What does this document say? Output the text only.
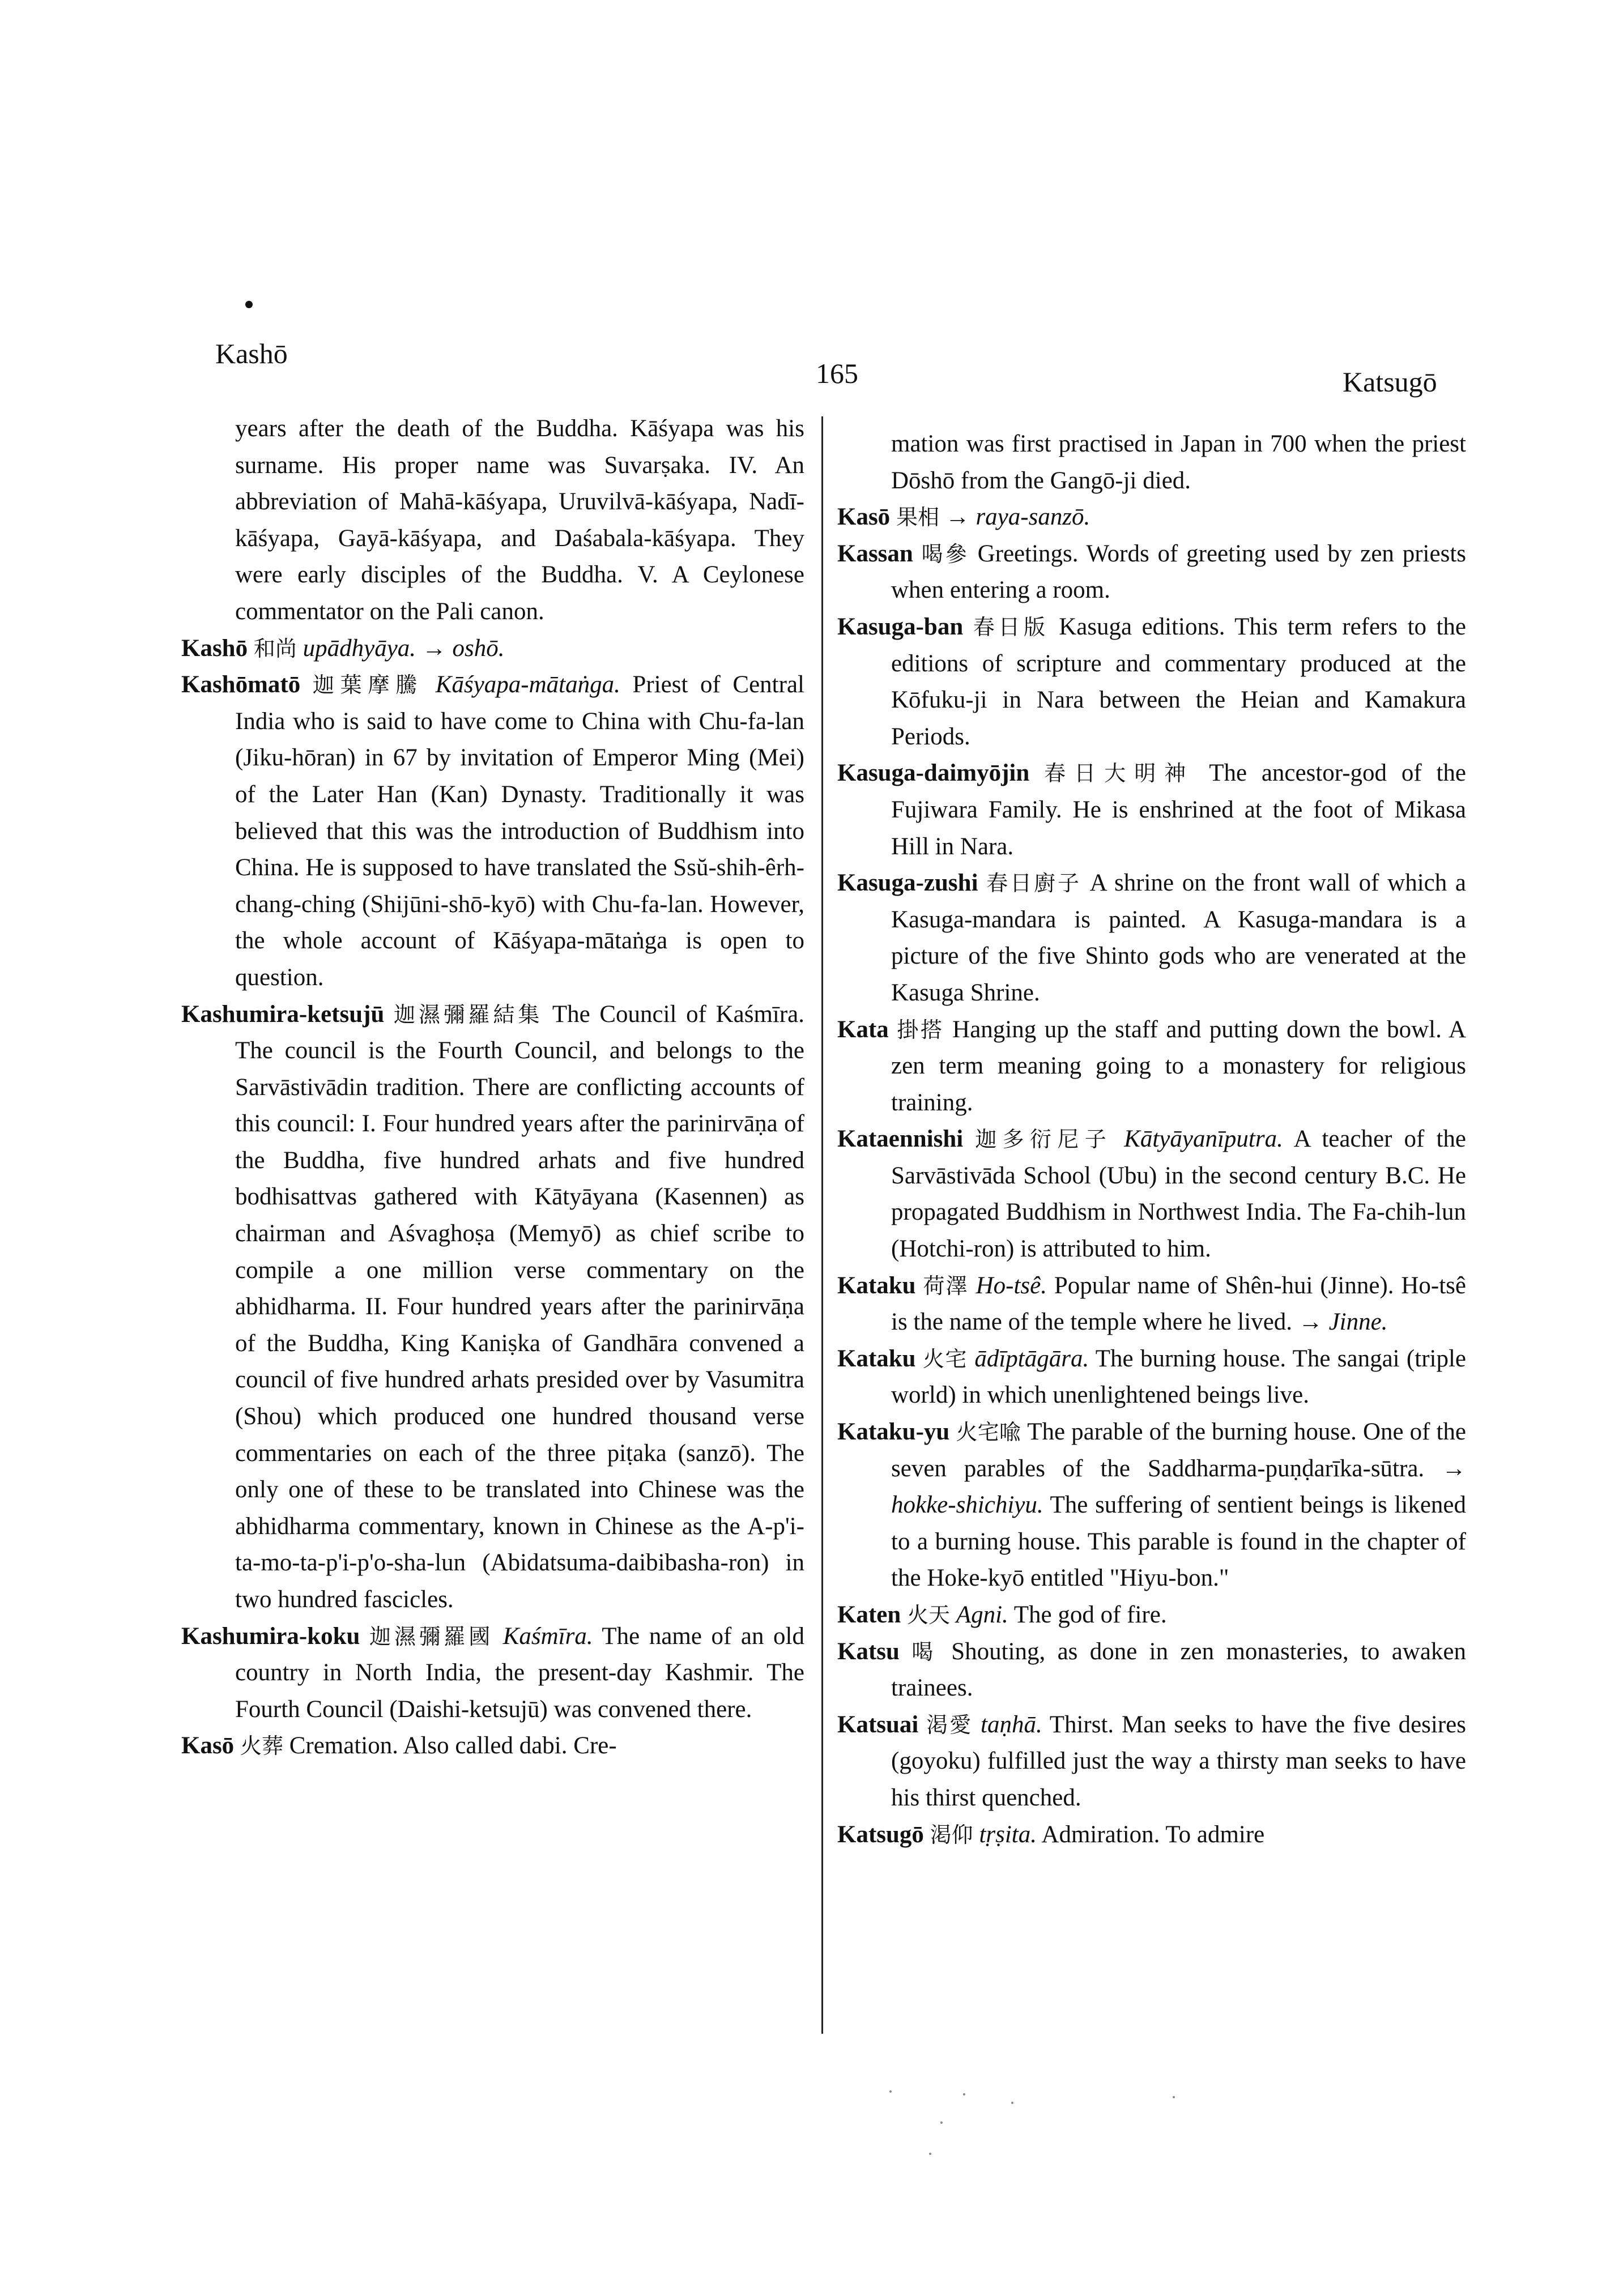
Kashō
165	Katsugō
years after the death of the Buddha. Kāśyapa was his surname. His proper name was Suvarṣaka. IV. An abbreviation of Mahā-kāśyapa, Uruvilvā-kāśyapa, Nadī-kāśyapa, Gayā-kāśyapa, and Daśabala-kāśyapa. They were early disciples of the Buddha. V. A Ceylonese commentator on the Pali canon.
Kashō 和尚 upādhyāya. → oshō.
Kashōmatō 迦葉摩騰 Kāśyapa-mātaṅga. Priest of Central India who is said to have come to China with Chu-fa-lan (Jiku-hōran) in 67 by invitation of Emperor Ming (Mei) of the Later Han (Kan) Dynasty. Traditionally it was believed that this was the introduction of Buddhism into China. He is supposed to have translated the Ssŭ-shih-êrh-chang-ching (Shijūni-shō-kyō) with Chu-fa-lan. However, the whole account of Kāśyapa-mātaṅga is open to question.
Kashumira-ketsujū 迦濕彌羅結集 The Council of Kaśmīra. The council is the Fourth Council, and belongs to the Sarvāstivādin tradition. There are conflicting accounts of this council: I. Four hundred years after the parinirvāṇa of the Buddha, five hundred arhats and five hundred bodhisattvas gathered with Kātyāyana (Kasennen) as chairman and Aśvaghoṣa (Memyō) as chief scribe to compile a one million verse commentary on the abhidharma. II. Four hundred years after the parinirvāṇa of the Buddha, King Kaniṣka of Gandhāra convened a council of five hundred arhats presided over by Vasumitra (Shou) which produced one hundred thousand verse commentaries on each of the three piṭaka (sanzō). The only one of these to be translated into Chinese was the abhidharma commentary, known in Chinese as the A-p'i-ta-mo-ta-p'i-p'o-sha-lun (Abidatsuma-daibibasha-ron) in two hundred fascicles.
Kashumira-koku 迦濕彌羅國 Kaśmīra. The name of an old country in North India, the present-day Kashmir. The Fourth Council (Daishi-ketsujū) was convened there.
Kasō 火葬 Cremation. Also called dabi. Cre-
mation was first practised in Japan in 700 when the priest Dōshō from the Gangō-ji died.
Kasō 果相 → raya-sanzō.
Kassan 喝參 Greetings. Words of greeting used by zen priests when entering a room.
Kasuga-ban 春日版 Kasuga editions. This term refers to the editions of scripture and commentary produced at the Kōfuku-ji in Nara between the Heian and Kamakura Periods.
Kasuga-daimyōjin 春日大明神 The ancestor-god of the Fujiwara Family. He is enshrined at the foot of Mikasa Hill in Nara.
Kasuga-zushi 春日廚子 A shrine on the front wall of which a Kasuga-mandara is painted. A Kasuga-mandara is a picture of the five Shinto gods who are venerated at the Kasuga Shrine.
Kata 掛搭 Hanging up the staff and putting down the bowl. A zen term meaning going to a monastery for religious training.
Kataennishi 迦多衍尼子 Kātyāyanīputra. A teacher of the Sarvāstivāda School (Ubu) in the second century B.C. He propagated Buddhism in Northwest India. The Fa-chih-lun (Hotchi-ron) is attributed to him.
Kataku 荷澤 Ho-tsê. Popular name of Shên-hui (Jinne). Ho-tsê is the name of the temple where he lived. → Jinne.
Kataku 火宅 ādīptāgāra. The burning house. The sangai (triple world) in which unenlightened beings live.
Kataku-yu 火宅喩 The parable of the burning house. One of the seven parables of the Saddharma-puṇḍarīka-sūtra. → hokke-shichiyu. The suffering of sentient beings is likened to a burning house. This parable is found in the chapter of the Hoke-kyō entitled "Hiyu-bon."
Katen 火天 Agni. The god of fire.
Katsu 喝 Shouting, as done in zen monasteries, to awaken trainees.
Katsuai 渇愛 taṇhā. Thirst. Man seeks to have the five desires (goyoku) fulfilled just the way a thirsty man seeks to have his thirst quenched.
Katsugō 渇仰 tṛṣita. Admiration. To admire
